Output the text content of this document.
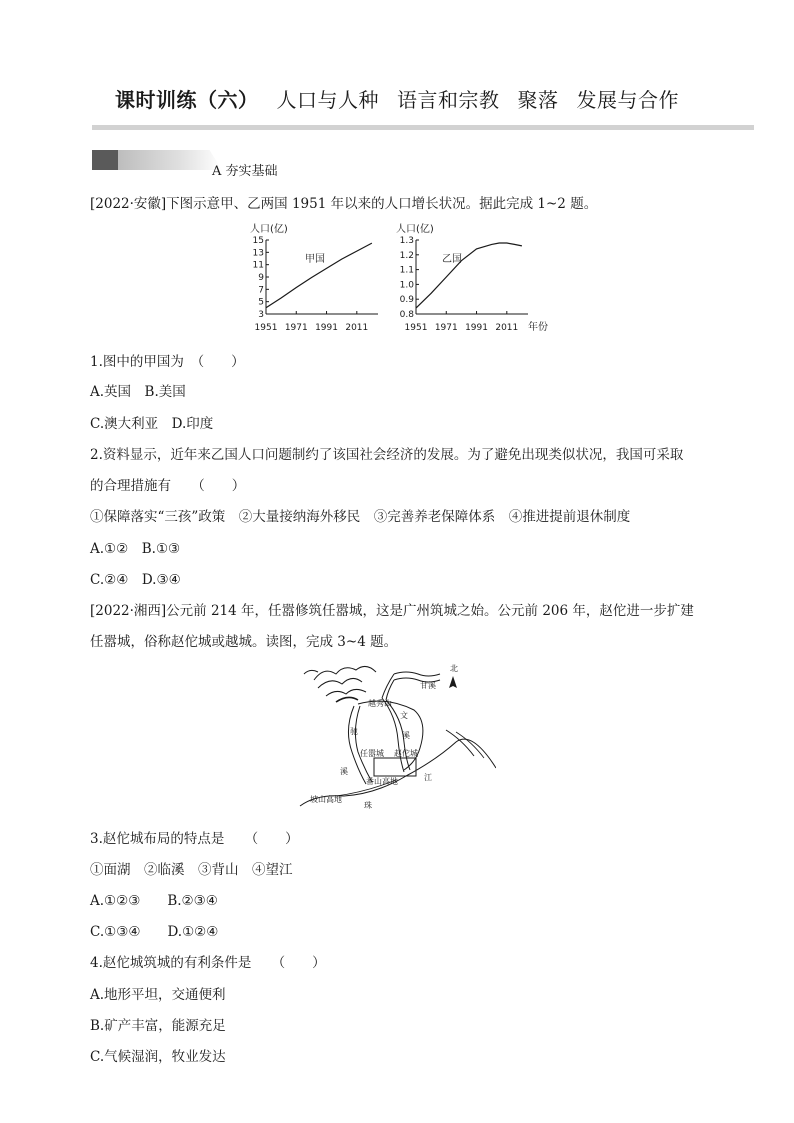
课时训练（六） 人口与人种 语言和宗教 聚落 发展与合作
A 夯实基础
[2022·安徽]下图示意甲、乙两国 1951 年以来的人口增长状况。据此完成 1~2 题。
人口(亿)
15
13
11
9
7
5
3
1951 1971 1991 2011
甲国
人口(亿)
1.3
1.2
1.1
1.0
0.9
0.8
1951 1971 1991 2011
乙国
年份
1.图中的甲国为　（　　）
A.英国　B.美国
C.澳大利亚　D.印度
2.资料显示，近年来乙国人口问题制约了该国社会经济的发展。为了避免出现类似状况，我国可采取
的合理措施有　　（　　）
①保障落实“三孩”政策　②大量接纳海外移民　③完善养老保障体系　④推进提前退休制度
A.①②　B.①③
C.②④　D.③④
[2022·湘西]公元前 214 年，任嚣修筑任嚣城，这是广州筑城之始。公元前 206 年，赵佗进一步扩建
任嚣城，俗称赵佗城或越城。读图，完成 3~4 题。
北
越秀山
甘溪
文
驰	溪
任嚣城 赵佗城
溪
番山高地	江
坡山高地
珠
3.赵佗城布局的特点是　　（　　）
①面湖　②临溪　③背山　④望江
A.①②③　　B.②③④
C.①③④　　D.①②④
4.赵佗城筑城的有利条件是　　（　　）
A.地形平坦，交通便利
B.矿产丰富，能源充足
C.气候湿润，牧业发达
